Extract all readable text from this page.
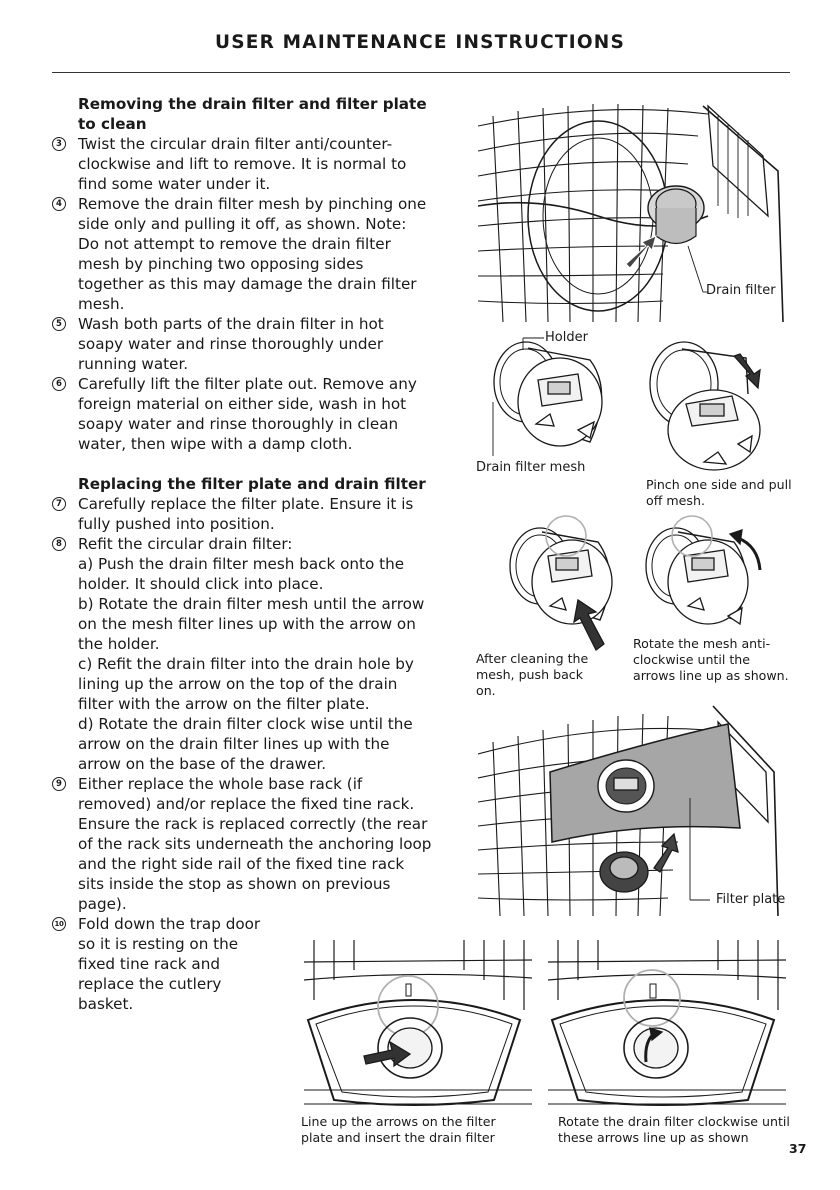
USER MAINTENANCE INSTRUCTIONS
Removing the drain filter and filter plate to clean
3 Twist the circular drain filter anti/counter-clockwise and lift to remove. It is normal to find some water under it.
4 Remove the drain filter mesh by pinching one side only and pulling it off, as shown. Note: Do not attempt to remove the drain filter mesh by pinching two opposing sides together as this may damage the drain filter mesh.
5 Wash both parts of the drain filter in hot soapy water and rinse thoroughly under running water.
6 Carefully lift the filter plate out. Remove any foreign material on either side, wash in hot soapy water and rinse thoroughly in clean water, then wipe with a damp cloth.
Replacing the filter plate and drain filter
7 Carefully replace the filter plate. Ensure it is fully pushed into position.
8 Refit the circular drain filter:
a) Push the drain filter mesh back onto the holder. It should click into place.
b) Rotate the drain filter mesh until the arrow on the mesh filter lines up with the arrow on the holder.
c) Refit the drain filter into the drain hole by lining up the arrow on the top of the drain filter with the arrow on the filter plate.
d) Rotate the drain filter clock wise until the arrow on the drain filter lines up with the arrow on the base of the drawer.
9 Either replace the whole base rack (if removed) and/or replace the fixed tine rack. Ensure the rack is replaced correctly (the rear of the rack sits underneath the anchoring loop and the right side rail of the fixed tine rack sits inside the stop as shown on previous page).
10 Fold down the trap door so it is resting on the fixed tine rack and replace the cutlery basket.
Drain filter
Holder
Drain filter mesh
Pinch one side and pull off mesh.
After cleaning the mesh, push back on.
Rotate the mesh anti-clockwise until the arrows line up as shown.
Filter plate
Line up the arrows on the filter plate and insert the drain filter
Rotate the drain filter clockwise until these arrows line up as shown
37
